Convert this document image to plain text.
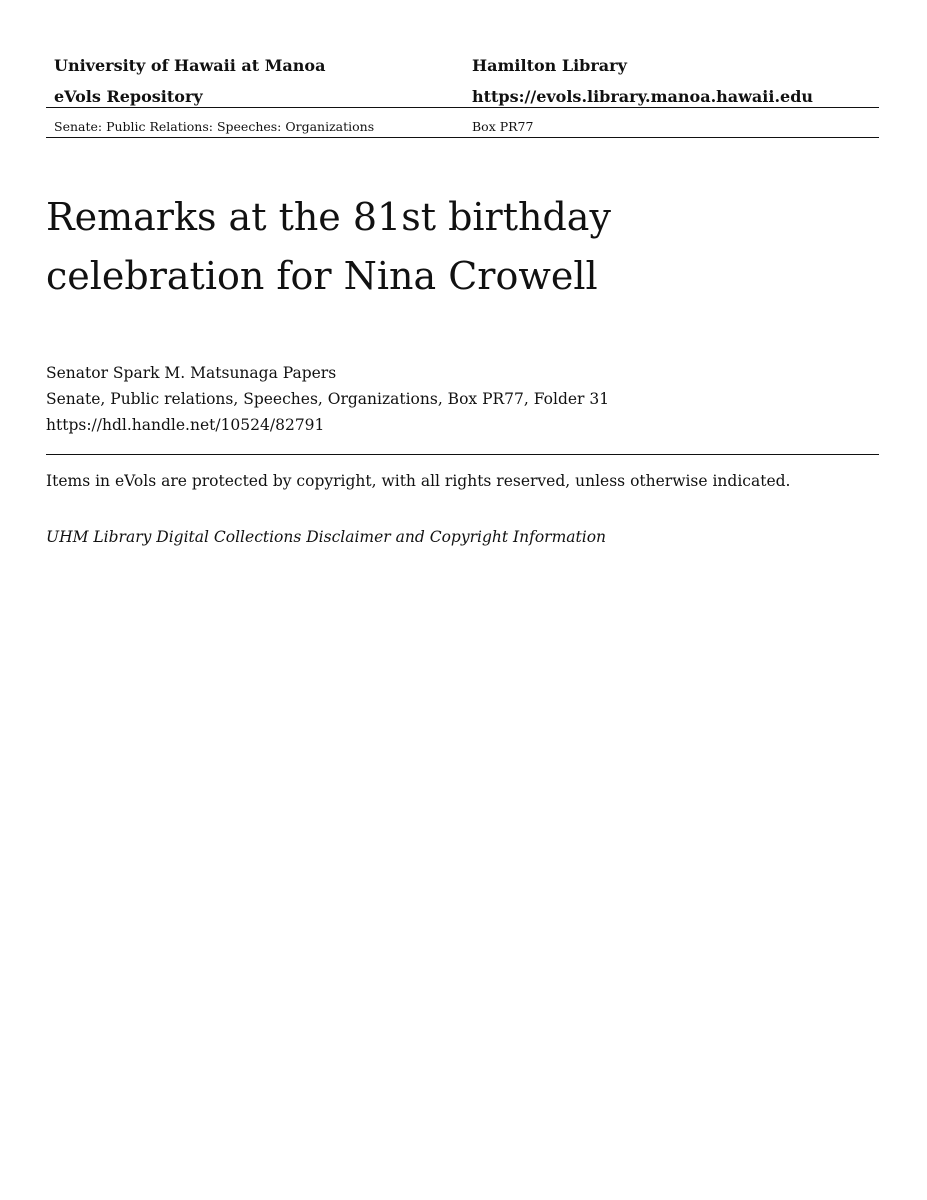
University of Hawaii at Manoa	Hamilton Library
eVols Repository	https://evols.library.manoa.hawaii.edu
Senate: Public Relations: Speeches: Organizations	Box PR77
Remarks at the 81st birthday
celebration for Nina Crowell
Senator Spark M. Matsunaga Papers
Senate, Public relations, Speeches, Organizations, Box PR77, Folder 31
https://hdl.handle.net/10524/82791
Items in eVols are protected by copyright, with all rights reserved, unless otherwise indicated.
UHM Library Digital Collections Disclaimer and Copyright Information
